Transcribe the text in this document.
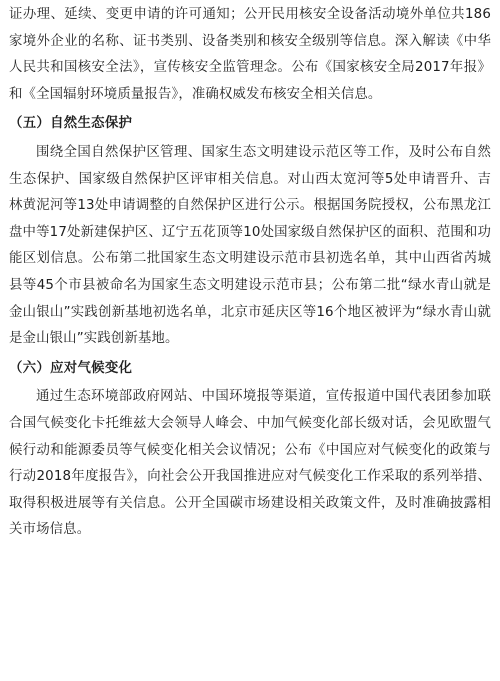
证办理、延续、变更申请的许可通知；公开民用核安全设备活动境外单位共186家境外企业的名称、证书类别、设备类别和核安全级别等信息。深入解读《中华人民共和国核安全法》，宣传核安全监管理念。公布《国家核安全局2017年报》和《全国辐射环境质量报告》，准确权威发布核安全相关信息。

（五）自然生态保护

围绕全国自然保护区管理、国家生态文明建设示范区等工作，及时公布自然生态保护、国家级自然保护区评审相关信息。对山西太宽河等5处申请晋升、吉林黄泥河等13处申请调整的自然保护区进行公示。根据国务院授权，公布黑龙江盘中等17处新建保护区、辽宁五花顶等10处国家级自然保护区的面积、范围和功能区划信息。公布第二批国家生态文明建设示范市县初选名单，其中山西省芮城县等45个市县被命名为国家生态文明建设示范市县；公布第二批“绿水青山就是金山银山”实践创新基地初选名单，北京市延庆区等16个地区被评为“绿水青山就是金山银山”实践创新基地。

（六）应对气候变化

通过生态环境部政府网站、中国环境报等渠道，宣传报道中国代表团参加联合国气候变化卡托维兹大会领导人峰会、中加气候变化部长级对话，会见欧盟气候行动和能源委员等气候变化相关会议情况；公布《中国应对气候变化的政策与行动2018年度报告》，向社会公开我国推进应对气候变化工作采取的系列举措、取得积极进展等有关信息。公开全国碳市场建设相关政策文件，及时准确披露相关市场信息。
